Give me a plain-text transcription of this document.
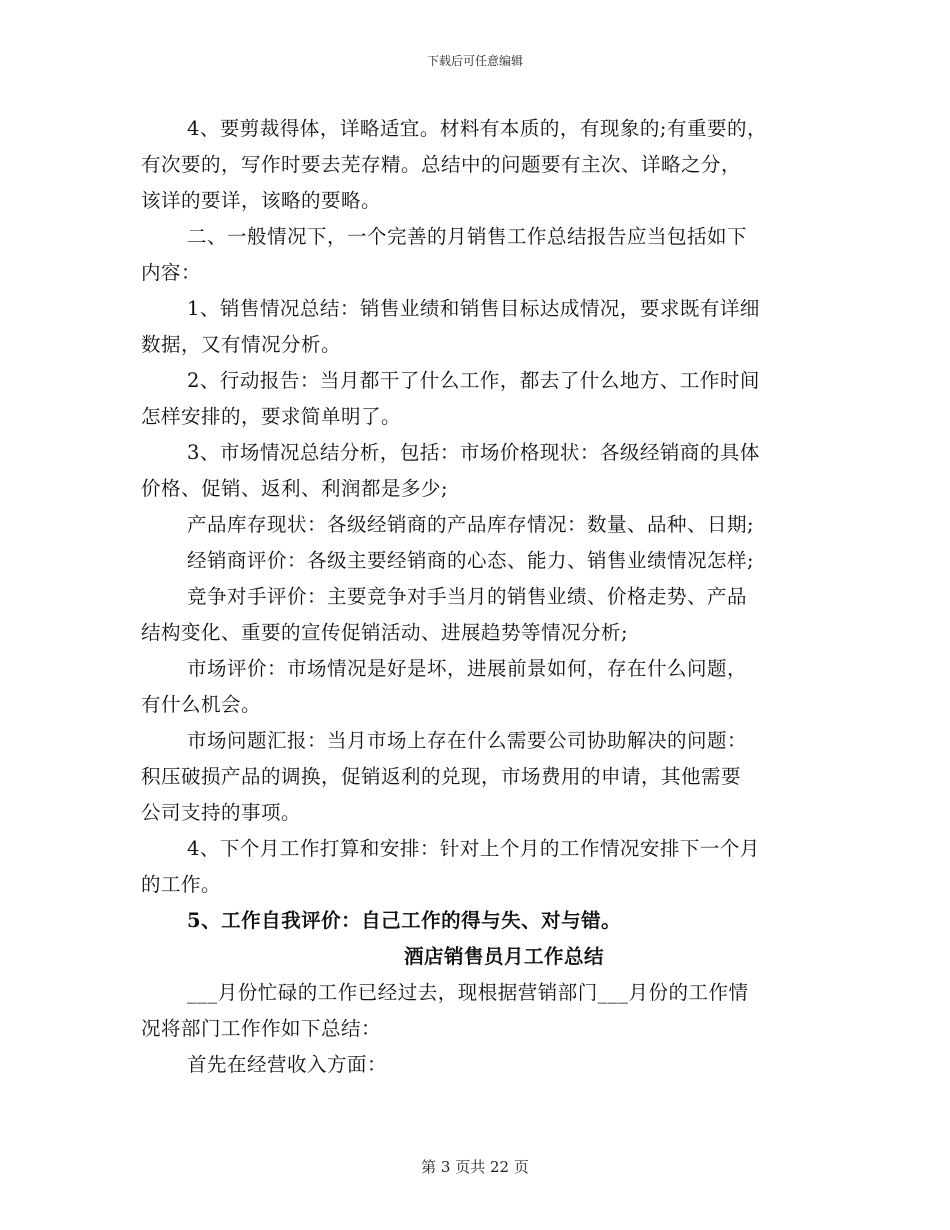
下载后可任意编辑
4、要剪裁得体，详略适宜。材料有本质的，有现象的;有重要的，
有次要的，写作时要去芜存精。总结中的问题要有主次、详略之分，
该详的要详，该略的要略。
二、一般情况下，一个完善的月销售工作总结报告应当包括如下
内容：
1、销售情况总结：销售业绩和销售目标达成情况，要求既有详细
数据，又有情况分析。
2、行动报告：当月都干了什么工作，都去了什么地方、工作时间
怎样安排的，要求简单明了。
3、市场情况总结分析，包括：市场价格现状：各级经销商的具体
价格、促销、返利、利润都是多少;
产品库存现状：各级经销商的产品库存情况：数量、品种、日期;
经销商评价：各级主要经销商的心态、能力、销售业绩情况怎样;
竞争对手评价：主要竞争对手当月的销售业绩、价格走势、产品
结构变化、重要的宣传促销活动、进展趋势等情况分析;
市场评价：市场情况是好是坏，进展前景如何，存在什么问题，
有什么机会。
市场问题汇报：当月市场上存在什么需要公司协助解决的问题：
积压破损产品的调换，促销返利的兑现，市场费用的申请，其他需要
公司支持的事项。
4、下个月工作打算和安排：针对上个月的工作情况安排下一个月
的工作。
5、工作自我评价：自己工作的得与失、对与错。
酒店销售员月工作总结
___月份忙碌的工作已经过去，现根据营销部门___月份的工作情
况将部门工作作如下总结：
首先在经营收入方面：
第 3 页共 22 页
